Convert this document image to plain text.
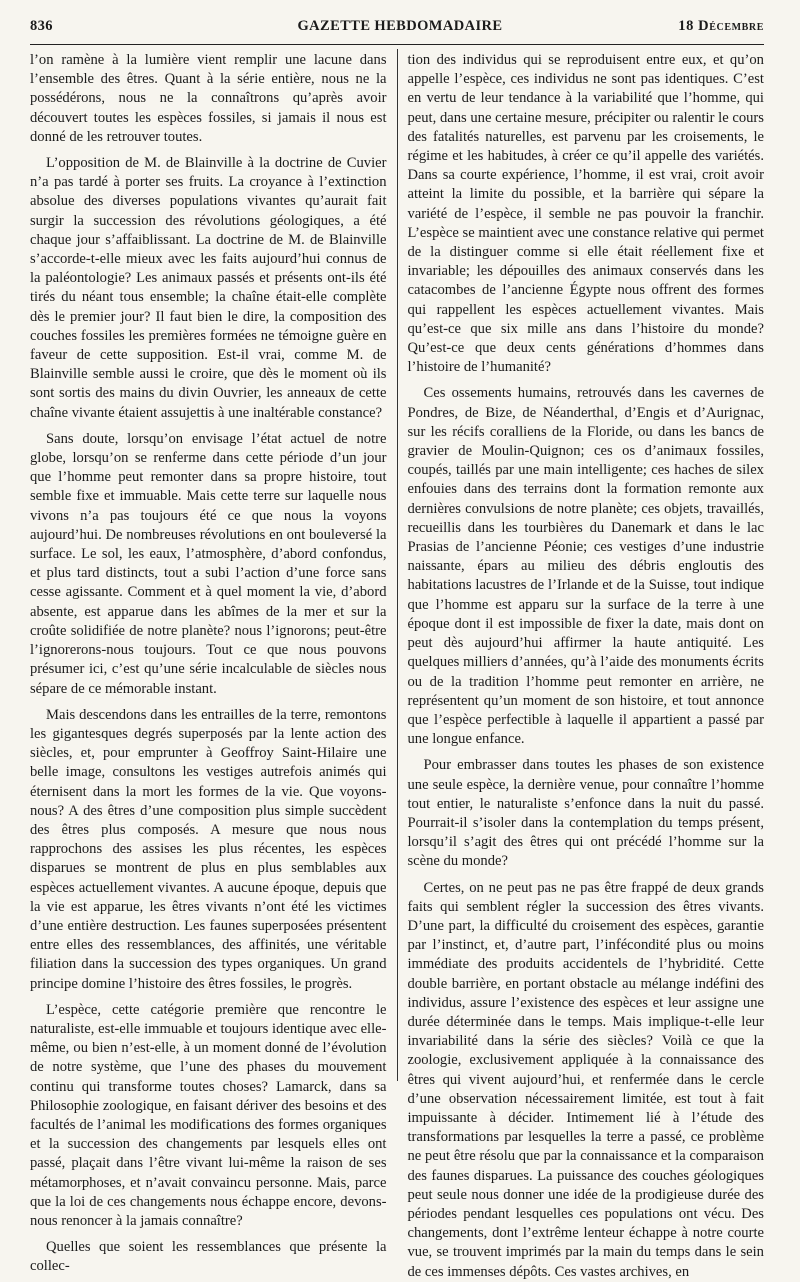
836	GAZETTE HEBDOMADAIRE	18 Décembre

l’on ramène à la lumière vient remplir une lacune dans l’ensemble des êtres. Quant à la série entière, nous ne la possédérons, nous ne la connaîtrons qu’après avoir découvert toutes les espèces fossiles, si jamais il nous est donné de les retrouver toutes.

L’opposition de M. de Blainville à la doctrine de Cuvier n’a pas tardé à porter ses fruits. La croyance à l’extinction absolue des diverses populations vivantes qu’aurait fait surgir la succession des révolutions géologiques, a été chaque jour s’affaiblissant. La doctrine de M. de Blainville s’accorde-t-elle mieux avec les faits aujourd’hui connus de la paléontologie? Les animaux passés et présents ont-ils été tirés du néant tous ensemble; la chaîne était-elle complète dès le premier jour? Il faut bien le dire, la composition des couches fossiles les premières formées ne témoigne guère en faveur de cette supposition. Est-il vrai, comme M. de Blainville semble aussi le croire, que dès le moment où ils sont sortis des mains du divin Ouvrier, les anneaux de cette chaîne vivante étaient assujettis à une inaltérable constance?

Sans doute, lorsqu’on envisage l’état actuel de notre globe, lorsqu’on se renferme dans cette période d’un jour que l’homme peut remonter dans sa propre histoire, tout semble fixe et immuable. Mais cette terre sur laquelle nous vivons n’a pas toujours été ce que nous la voyons aujourd’hui. De nombreuses révolutions en ont bouleversé la surface. Le sol, les eaux, l’atmosphère, d’abord confondus, et plus tard distincts, tout a subi l’action d’une force sans cesse agissante. Comment et à quel moment la vie, d’abord absente, est apparue dans les abîmes de la mer et sur la croûte solidifiée de notre planète? nous l’ignorons; peut-être l’ignorerons-nous toujours. Tout ce que nous pouvons présumer ici, c’est qu’une série incalculable de siècles nous sépare de ce mémorable instant.

Mais descendons dans les entrailles de la terre, remontons les gigantesques degrés superposés par la lente action des siècles, et, pour emprunter à Geoffroy Saint-Hilaire une belle image, consultons les vestiges autrefois animés qui éternisent dans la mort les formes de la vie. Que voyons-nous? A des êtres d’une composition plus simple succèdent des êtres plus composés. A mesure que nous nous rapprochons des assises les plus récentes, les espèces disparues se montrent de plus en plus semblables aux espèces actuellement vivantes. A aucune époque, depuis que la vie est apparue, les êtres vivants n’ont été les victimes d’une entière destruction. Les faunes superposées présentent entre elles des ressemblances, des affinités, une véritable filiation dans la succession des types organiques. Un grand principe domine l’histoire des êtres fossiles, le progrès.

L’espèce, cette catégorie première que rencontre le naturaliste, est-elle immuable et toujours identique avec elle-même, ou bien n’est-elle, à un moment donné de l’évolution de notre système, que l’une des phases du mouvement continu qui transforme toutes choses? Lamarck, dans sa Philosophie zoologique, en faisant dériver des besoins et des facultés de l’animal les modifications des formes organiques et la succession des changements par lesquels elles ont passé, plaçait dans l’être vivant lui-même la raison de ses métamorphoses, et n’avait convaincu personne. Mais, parce que la loi de ces changements nous échappe encore, devons-nous renoncer à la jamais connaître?

Quelles que soient les ressemblances que présente la collec-

tion des individus qui se reproduisent entre eux, et qu’on appelle l’espèce, ces individus ne sont pas identiques. C’est en vertu de leur tendance à la variabilité que l’homme, qui peut, dans une certaine mesure, précipiter ou ralentir le cours des fatalités naturelles, est parvenu par les croisements, le régime et les habitudes, à créer ce qu’il appelle des variétés. Dans sa courte expérience, l’homme, il est vrai, croit avoir atteint la limite du possible, et la barrière qui sépare la variété de l’espèce, il semble ne pas pouvoir la franchir. L’espèce se maintient avec une constance relative qui permet de la distinguer comme si elle était réellement fixe et invariable; les dépouilles des animaux conservés dans les catacombes de l’ancienne Égypte nous offrent des formes qui rappellent les espèces actuellement vivantes. Mais qu’est-ce que six mille ans dans l’histoire du monde? Qu’est-ce que deux cents générations d’hommes dans l’histoire de l’humanité?

Ces ossements humains, retrouvés dans les cavernes de Pondres, de Bize, de Néanderthal, d’Engis et d’Aurignac, sur les récifs coralliens de la Floride, ou dans les bancs de gravier de Moulin-Quignon; ces os d’animaux fossiles, coupés, taillés par une main intelligente; ces haches de silex enfouies dans des terrains dont la formation remonte aux dernières convulsions de notre planète; ces objets, travaillés, recueillis dans les tourbières du Danemark et dans le lac Prasias de l’ancienne Péonie; ces vestiges d’une industrie naissante, épars au milieu des débris engloutis des habitations lacustres de l’Irlande et de la Suisse, tout indique que l’homme est apparu sur la surface de la terre à une époque dont il est impossible de fixer la date, mais dont on peut dès aujourd’hui affirmer la haute antiquité. Les quelques milliers d’années, qu’à l’aide des monuments écrits ou de la tradition l’homme peut remonter en arrière, ne représentent qu’un moment de son histoire, et tout annonce que l’espèce perfectible à laquelle il appartient a passé par une longue enfance.

Pour embrasser dans toutes les phases de son existence une seule espèce, la dernière venue, pour connaître l’homme tout entier, le naturaliste s’enfonce dans la nuit du passé. Pourrait-il s’isoler dans la contemplation du temps présent, lorsqu’il s’agit des êtres qui ont précédé l’homme sur la scène du monde?

Certes, on ne peut pas ne pas être frappé de deux grands faits qui semblent régler la succession des êtres vivants. D’une part, la difficulté du croisement des espèces, garantie par l’instinct, et, d’autre part, l’infécondité plus ou moins immédiate des produits accidentels de l’hybridité. Cette double barrière, en portant obstacle au mélange indéfini des individus, assure l’existence des espèces et leur assigne une durée déterminée dans le temps. Mais implique-t-elle leur invariabilité dans la série des siècles? Voilà ce que la zoologie, exclusivement appliquée à la connaissance des êtres qui vivent aujourd’hui, et renfermée dans le cercle d’une observation nécessairement limitée, est tout à fait impuissante à décider. Intimement lié à l’étude des transformations par lesquelles la terre a passé, ce problème ne peut être résolu que par la connaissance et la comparaison des faunes disparues. La puissance des couches géologiques peut seule nous donner une idée de la prodigieuse durée des périodes pendant lesquelles ces populations ont vécu. Des changements, dont l’extrême lenteur échappe à notre courte vue, se trouvent imprimés par la main du temps dans le sein de ces immenses dépôts. Ces vastes archives, en
